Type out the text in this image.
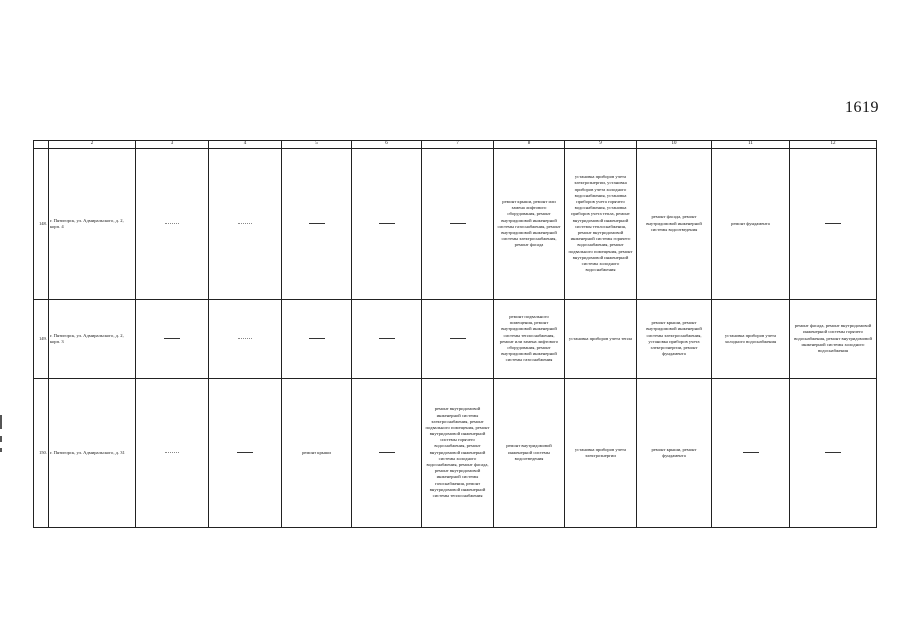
1619
	2	3	4	5	6	7	8	9	10	11	12
148.	г. Пятигорск, ул. Адмиральского, д. 2, корп. 4						ремонт крыши, ремонт или замена лифтового оборудования, ремонт внутридомовой инженерной системы газоснабжения, ремонт внутридомовой инженерной системы электроснабжения, ремонт фасада	установка приборов учета электроэнергии, установка приборов учета холодного водоснабжения, установка приборов учета горячего водоснабжения, установка приборов учета тепла, ремонт внутридомовой инженерной системы теплоснабжения, ремонт внутридомовой инженерной системы горячего водоснабжения, ремонт подвального помещения, ремонт внутридомовой инженерной системы холодного водоснабжения	ремонт фасада, ремонт внутридомовой инженерной системы водоотведения	ремонт фундамента	
149.	г. Пятигорск, ул. Адмиральского, д. 2, корп. 3						ремонт подвального помещения, ремонт внутридомовой инженерной системы теплоснабжения, ремонт или замена лифтового оборудования, ремонт внутридомовой инженерной системы газоснабжения	установка приборов учета тепла	ремонт крыши, ремонт внутридомовой инженерной системы электроснабжения, установка приборов учета электроэнергии, ремонт фундамента	установка приборов учета холодного водоснабжения	ремонт фасада, ремонт внутридомовой инженерной системы горячего водоснабжения, ремонт внутридомовой инженерной системы холодного водоснабжения
150.	г. Пятигорск, ул. Адмиральского, д. 31			ремонт крыши		ремонт внутридомовой инженерной системы электроснабжения, ремонт подвального помещения, ремонт внутридомовой инженерной системы горячего водоснабжения, ремонт внутридомовой инженерной системы холодного водоснабжения, ремонт фасада, ремонт внутридомовой инженерной системы газоснабжения, ремонт внутридомовой инженерной системы теплоснабжения	ремонт внутридомовой инженерной системы водоотведения	установка приборов учета электроэнергии	ремонт крыши, ремонт фундамента		
